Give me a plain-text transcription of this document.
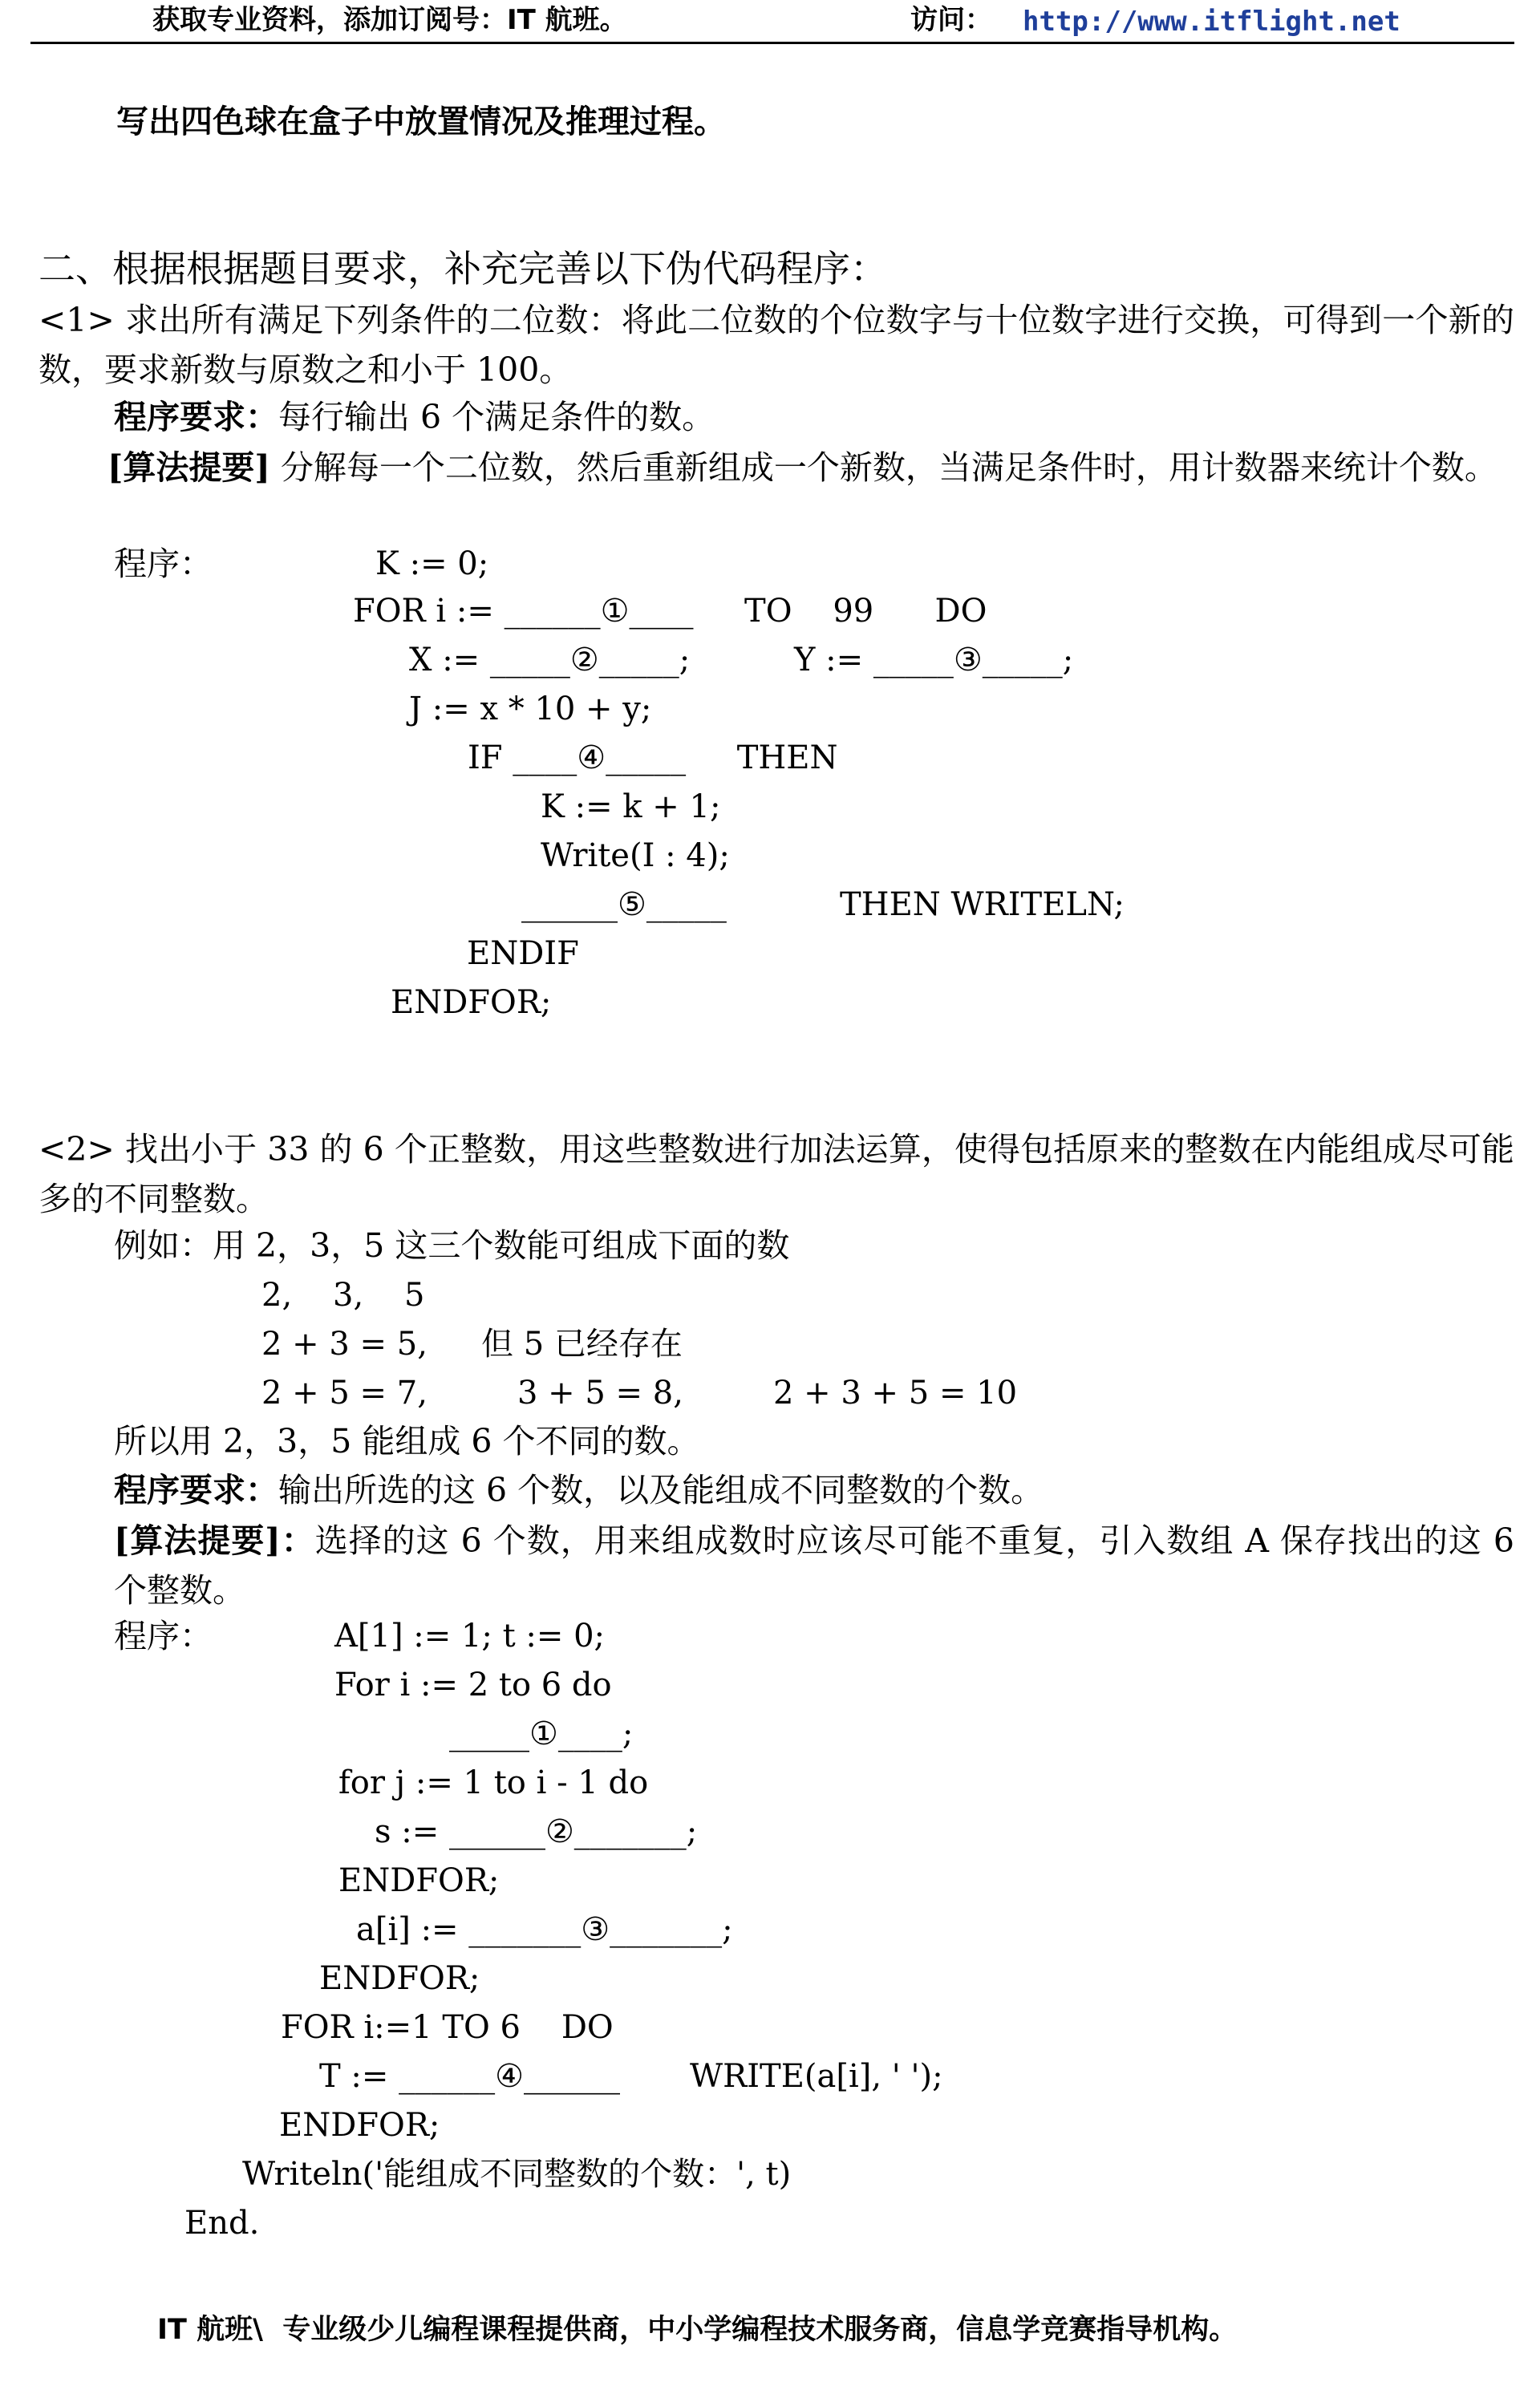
获取专业资料，添加订阅号：IT 航班。	访问： http://www.itflight.net
写出四色球在盒子中放置情况及推理过程。
二、根据根据题目要求，补充完善以下伪代码程序：
<1> 求出所有满足下列条件的二位数：将此二位数的个位数字与十位数字进行交换，可得到一个新的数，要求新数与原数之和小于 100。
程序要求：每行输出 6 个满足条件的数。
[算法提要] 分解每一个二位数，然后重新组成一个新数，当满足条件时，用计数器来统计个数。
程序：	K := 0;
FOR i := ______①____     TO    99      DO
X := _____②_____;	Y := _____③_____;
J := x * 10 + y;
IF ____④_____     THEN
K := k + 1;
Write(I : 4);
______⑤_____	THEN WRITELN;
ENDIF
ENDFOR;
<2> 找出小于 33 的 6 个正整数，用这些整数进行加法运算，使得包括原来的整数在内能组成尽可能多的不同整数。
例如：用 2，3，5 这三个数能可组成下面的数
2,    3,    5
2 + 3 = 5, 但 5 已经存在
2 + 5 = 7,	3 + 5 = 8,	2 + 3 + 5 = 10
所以用 2，3，5 能组成 6 个不同的数。
程序要求：输出所选的这 6 个数，以及能组成不同整数的个数。
[算法提要]：选择的这 6 个数，用来组成数时应该尽可能不重复，引入数组 A 保存找出的这 6 个整数。
程序：	A[1] := 1; t := 0;
For i := 2 to 6 do
_____①____;
for j := 1 to i - 1 do
s := ______②_______;
ENDFOR;
a[i] := _______③_______;
ENDFOR;
FOR i:=1 TO 6    DO
T := ______④______ WRITE(a[i], ' ');
ENDFOR;
Writeln('能组成不同整数的个数：', t)
End.
IT 航班\  专业级少儿编程课程提供商，中小学编程技术服务商，信息学竞赛指导机构。
